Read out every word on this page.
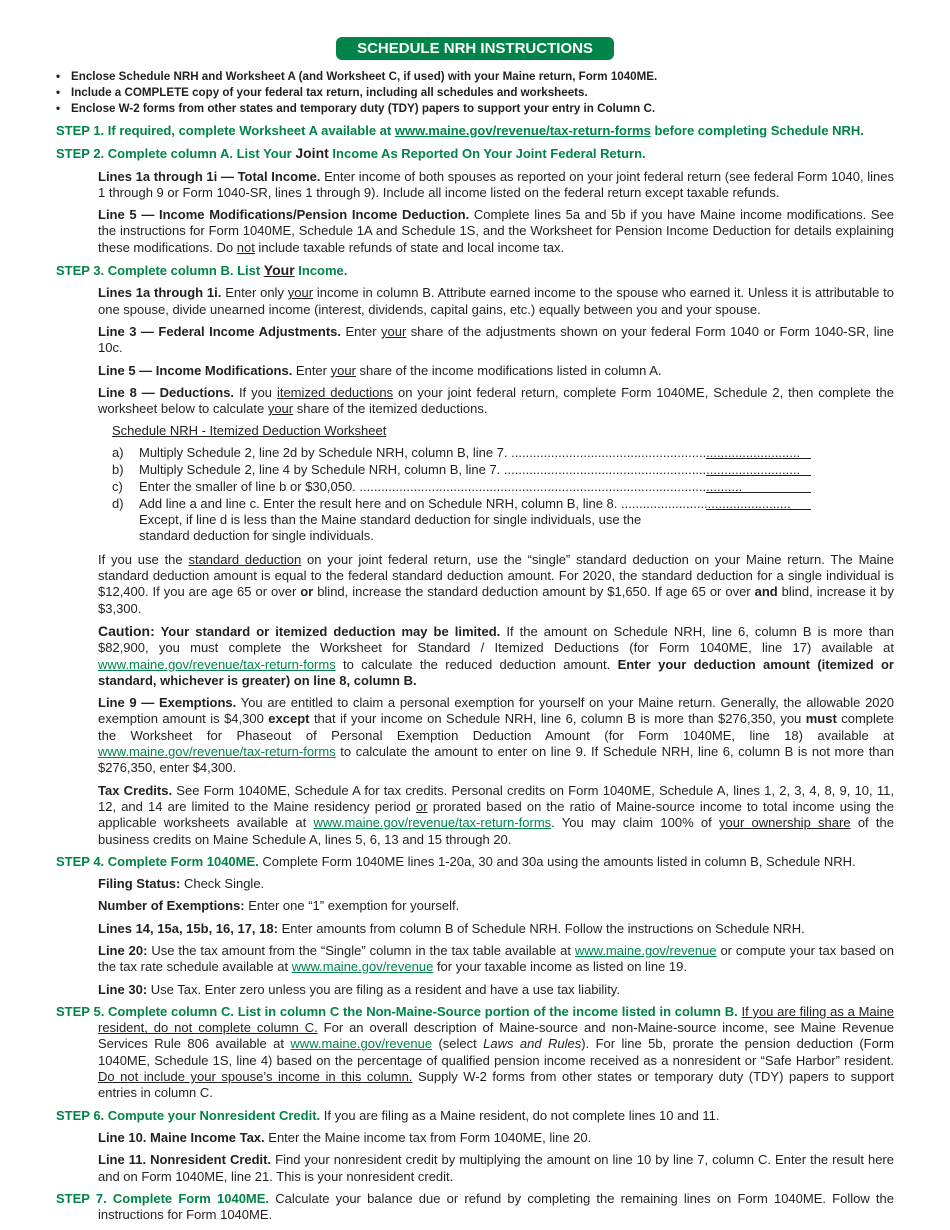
SCHEDULE NRH INSTRUCTIONS
• Enclose Schedule NRH and Worksheet A (and Worksheet C, if used) with your Maine return, Form 1040ME.
• Include a COMPLETE copy of your federal tax return, including all schedules and worksheets.
• Enclose W-2 forms from other states and temporary duty (TDY) papers to support your entry in Column C.
STEP 1. If required, complete Worksheet A available at www.maine.gov/revenue/tax-return-forms before completing Schedule NRH.
STEP 2. Complete column A. List Your Joint Income As Reported On Your Joint Federal Return.
Lines 1a through 1i — Total Income. Enter income of both spouses as reported on your joint federal return (see federal Form 1040, lines 1 through 9 or Form 1040-SR, lines 1 through 9). Include all income listed on the federal return except taxable refunds.
Line 5 — Income Modifications/Pension Income Deduction. Complete lines 5a and 5b if you have Maine income modifications. See the instructions for Form 1040ME, Schedule 1A and Schedule 1S, and the Worksheet for Pension Income Deduction for details explaining these modifications. Do not include taxable refunds of state and local income tax.
STEP 3. Complete column B. List Your Income.
Lines 1a through 1i. Enter only your income in column B. Attribute earned income to the spouse who earned it. Unless it is attributable to one spouse, divide unearned income (interest, dividends, capital gains, etc.) equally between you and your spouse.
Line 3 — Federal Income Adjustments. Enter your share of the adjustments shown on your federal Form 1040 or Form 1040-SR, line 10c.
Line 5 — Income Modifications. Enter your share of the income modifications listed in column A.
Line 8 — Deductions. If you itemized deductions on your joint federal return, complete Form 1040ME, Schedule 2, then complete the worksheet below to calculate your share of the itemized deductions.
Schedule NRH - Itemized Deduction Worksheet
a)	Multiply Schedule 2, line 2d by Schedule NRH, column B, line 7. ................................................................................
b)	Multiply Schedule 2, line 4 by Schedule NRH, column B, line 7. ..................................................................................
c)	Enter the smaller of line b or $30,050. ..........................................................................................................
d)	Add line a and line c. Enter the result here and on Schedule NRH, column B, line 8. ...............................................
Except, if line d is less than the Maine standard deduction for single individuals, use the standard deduction for single individuals.
If you use the standard deduction on your joint federal return, use the “single” standard deduction on your Maine return. The Maine standard deduction amount is equal to the federal standard deduction amount. For 2020, the standard deduction for a single individual is $12,400. If you are age 65 or over or blind, increase the standard deduction amount by $1,650. If age 65 or over and blind, increase it by $3,300.
Caution: Your standard or itemized deduction may be limited. If the amount on Schedule NRH, line 6, column B is more than $82,900, you must complete the Worksheet for Standard / Itemized Deductions (for Form 1040ME, line 17) available at www.maine.gov/revenue/tax-return-forms to calculate the reduced deduction amount. Enter your deduction amount (itemized or standard, whichever is greater) on line 8, column B.
Line 9 — Exemptions. You are entitled to claim a personal exemption for yourself on your Maine return. Generally, the allowable 2020 exemption amount is $4,300 except that if your income on Schedule NRH, line 6, column B is more than $276,350, you must complete the Worksheet for Phaseout of Personal Exemption Deduction Amount (for Form 1040ME, line 18) available at www.maine.gov/revenue/tax-return-forms to calculate the amount to enter on line 9. If Schedule NRH, line 6, column B is not more than $276,350, enter $4,300.
Tax Credits. See Form 1040ME, Schedule A for tax credits. Personal credits on Form 1040ME, Schedule A, lines 1, 2, 3, 4, 8, 9, 10, 11, 12, and 14 are limited to the Maine residency period or prorated based on the ratio of Maine-source income to total income using the applicable worksheets available at www.maine.gov/revenue/tax-return-forms. You may claim 100% of your ownership share of the business credits on Maine Schedule A, lines 5, 6, 13 and 15 through 20.
STEP 4. Complete Form 1040ME. Complete Form 1040ME lines 1-20a, 30 and 30a using the amounts listed in column B, Schedule NRH.
Filing Status: Check Single.
Number of Exemptions: Enter one “1” exemption for yourself.
Lines 14, 15a, 15b, 16, 17, 18: Enter amounts from column B of Schedule NRH. Follow the instructions on Schedule NRH.
Line 20: Use the tax amount from the “Single” column in the tax table available at www.maine.gov/revenue or compute your tax based on the tax rate schedule available at www.maine.gov/revenue for your taxable income as listed on line 19.
Line 30: Use Tax. Enter zero unless you are filing as a resident and have a use tax liability.
STEP 5. Complete column C. List in column C the Non-Maine-Source portion of the income listed in column B. If you are filing as a Maine resident, do not complete column C. For an overall description of Maine-source and non-Maine-source income, see Maine Revenue Services Rule 806 available at www.maine.gov/revenue (select Laws and Rules). For line 5b, prorate the pension deduction (Form 1040ME, Schedule 1S, line 4) based on the percentage of qualified pension income received as a nonresident or “Safe Harbor” resident. Do not include your spouse’s income in this column. Supply W-2 forms from other states or temporary duty (TDY) papers to support entries in column C.
STEP 6. Compute your Nonresident Credit. If you are filing as a Maine resident, do not complete lines 10 and 11.
Line 10. Maine Income Tax. Enter the Maine income tax from Form 1040ME, line 20.
Line 11. Nonresident Credit. Find your nonresident credit by multiplying the amount on line 10 by line 7, column C. Enter the result here and on Form 1040ME, line 21. This is your nonresident credit.
STEP 7. Complete Form 1040ME. Calculate your balance due or refund by completing the remaining lines on Form 1040ME. Follow the instructions for Form 1040ME.
